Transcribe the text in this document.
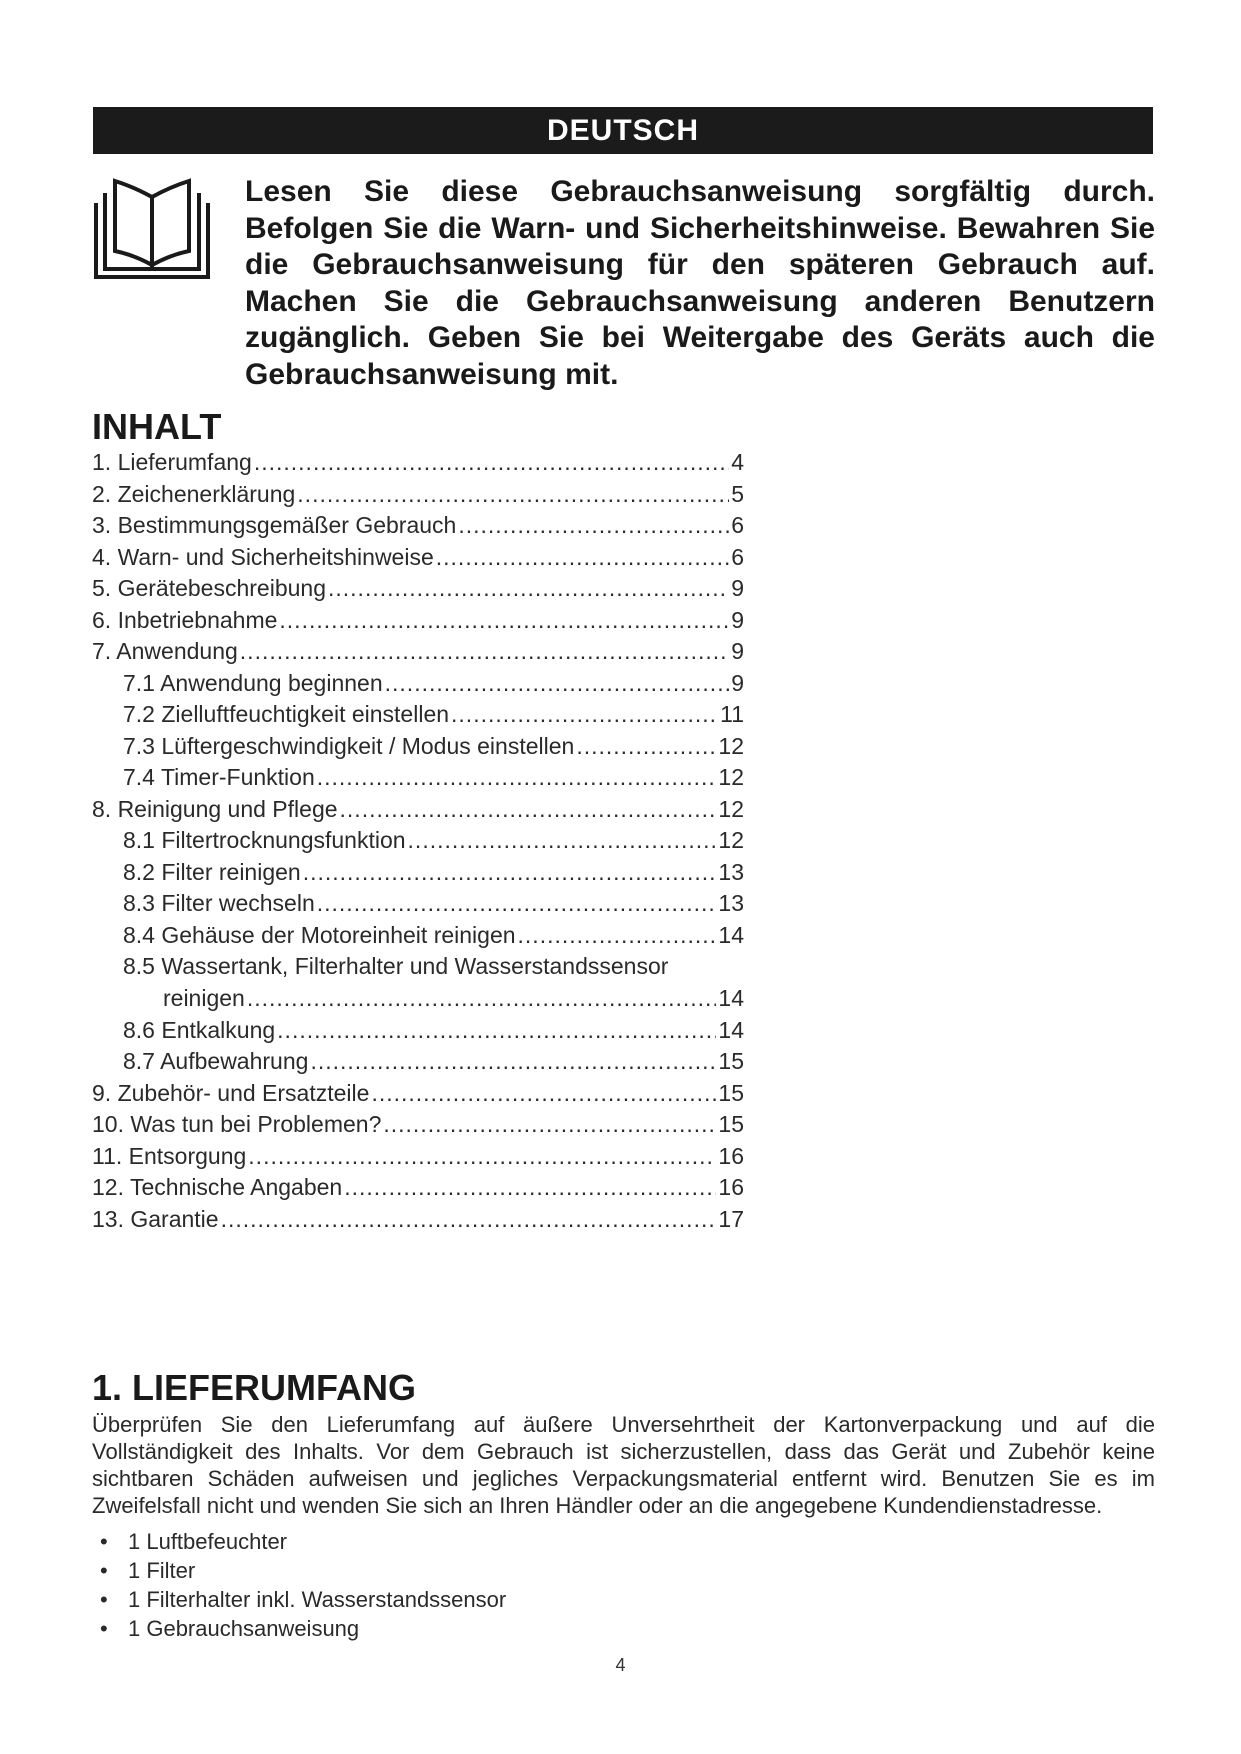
DEUTSCH

Lesen Sie diese Gebrauchsanweisung sorgfältig durch. Befolgen Sie die Warn- und Sicherheitshinweise. Bewahren Sie die Gebrauchsanweisung für den späteren Gebrauch auf. Machen Sie die Gebrauchsanweisung anderen Benutzern zugänglich. Geben Sie bei Weitergabe des Geräts auch die Gebrauchsanweisung mit.

INHALT
1. Lieferumfang .....	4
2. Zeichenerklärung .....	5
3. Bestimmungsgemäßer Gebrauch .....	6
4. Warn- und Sicherheitshinweise .....	6
5. Gerätebeschreibung .....	9
6. Inbetriebnahme .....	9
7. Anwendung .....	9
7.1 Anwendung beginnen .....	9
7.2 Zielluftfeuchtigkeit einstellen .....	11
7.3 Lüftergeschwindigkeit / Modus einstellen .....	12
7.4 Timer-Funktion .....	12
8. Reinigung und Pflege .....	12
8.1 Filtertrocknungsfunktion .....	12
8.2 Filter reinigen .....	13
8.3 Filter wechseln .....	13
8.4 Gehäuse der Motoreinheit reinigen .....	14
8.5 Wassertank, Filterhalter und Wasserstandssensor
reinigen .....	14
8.6 Entkalkung .....	14
8.7 Aufbewahrung .....	15
9. Zubehör- und Ersatzteile .....	15
10. Was tun bei Problemen? .....	15
11. Entsorgung .....	16
12. Technische Angaben .....	16
13. Garantie .....	17
1. LIEFERUMFANG

Überprüfen Sie den Lieferumfang auf äußere Unversehrtheit der Kartonverpackung und auf die Vollständigkeit des Inhalts. Vor dem Gebrauch ist sicherzustellen, dass das Gerät und Zubehör keine sichtbaren Schäden aufweisen und jegliches Verpackungsmaterial entfernt wird. Benutzen Sie es im Zweifelsfall nicht und wenden Sie sich an Ihren Händler oder an die angegebene Kundendienstadresse.

• 1 Luftbefeuchter
• 1 Filter
• 1 Filterhalter inkl. Wasserstandssensor
• 1 Gebrauchsanweisung
4
